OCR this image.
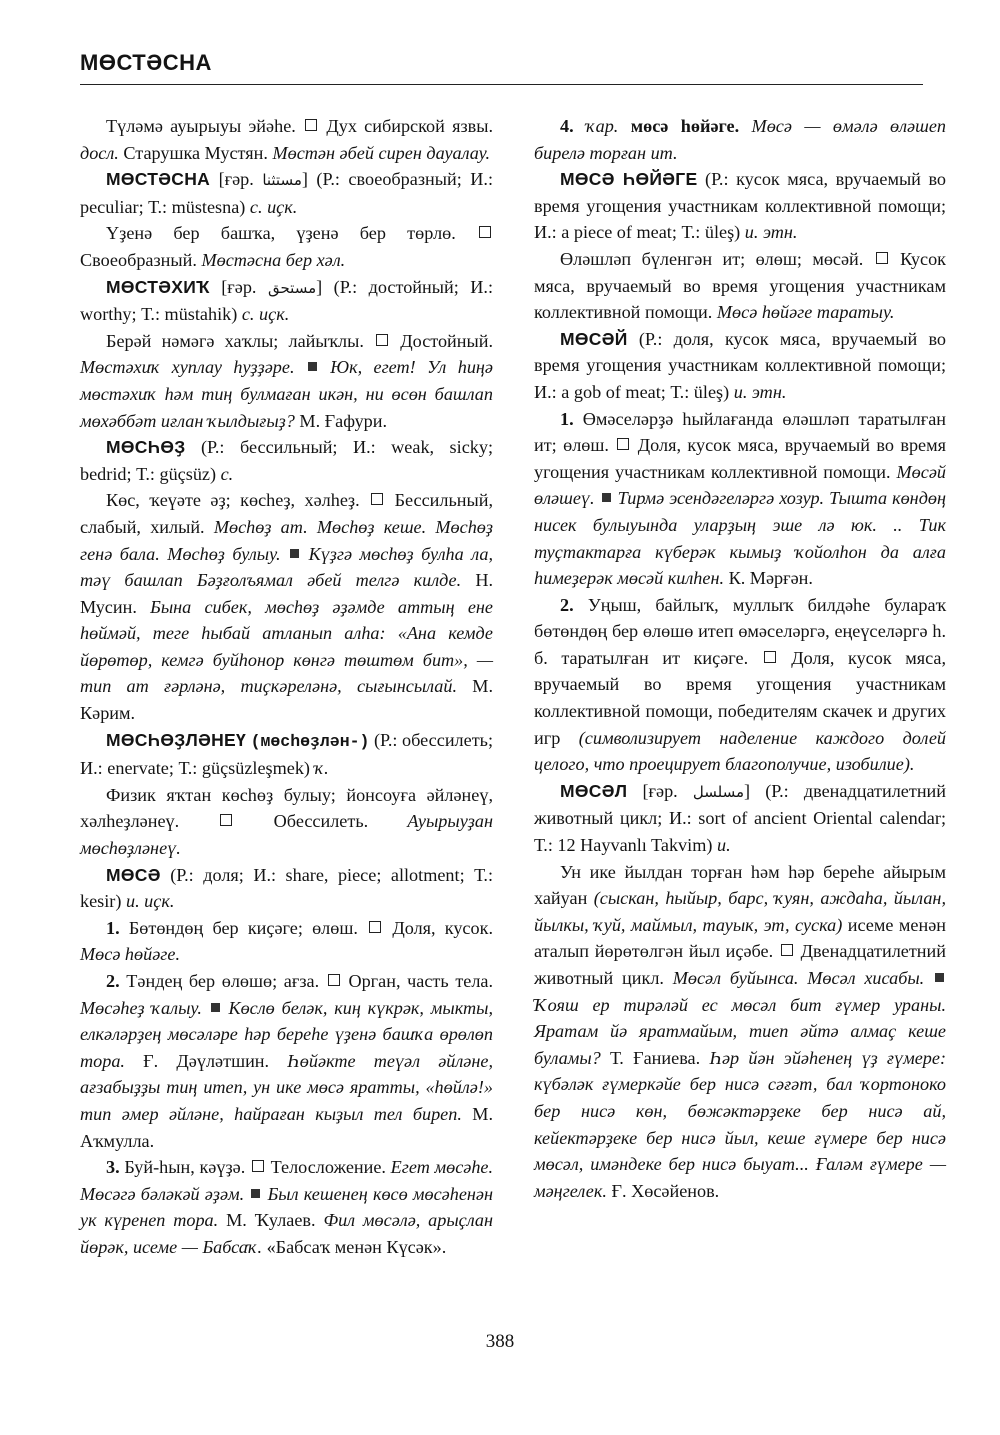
МӨСТӘСНА

Түләмә ауырыуы эйәһе. Дух сибирской язвы. досл. Старушка Мустян. Мөстән әбей сирен дауалау.

МӨСТӘСНА [ғәр. مستثنا] (Р.: своеобразный; И.: peculiar; Т.: müstesna) с. иҫк.

Үҙенә бер башҡа, үҙенә бер төрлө.  Своеобразный. Мөстәсна бер хәл.

МӨСТӘХИҠ [ғәр. مستحق] (Р.: достойный; И.: worthy; Т.: müstahik) с. иҫк.

Берәй нәмәгә хаҡлы; лайыҡлы. Достойный. Мөстәхиҡ хуплау һуҙҙәре. Юк, егет! Ул һиңә мөстәхиҡ һәм тиң булмаған икән, ни өсөн башлап мөхәббәт иғлан ҡылдығыҙ? М. Ғафури.

МӨСҺӨҘ (Р.: бессильный; И.: weak, sicky; bedrid; Т.: güçsüz) с.

Көс, ҡеүәте әҙ; көсһеҙ, хәлһеҙ. Бессильный, слабый, хилый. Мөсһөҙ ат. Мөсһөҙ кеше. Мөсһөҙ генә бала. Мөсһөҙ булыу. Күҙгә мөсһөҙ булһа ла, тәү башлап Бәҙғолъямал әбей телгә килде. Н. Мусин. Бына сибек, мөсһөҙ әҙәмде аттың ене һөймәй, теге һыбай атланып алһа: «Ана кемде йөрөтөр, кемгә буйһонор көнгә төштөм бит», — тип ат ғәрләнә, тиҫкәреләнә, сығынсылай. М. Кәрим.

МӨСҺӨҘЛӘНЕҮ (мөсһөҙлән-) (Р.: обессилеть; И.: enervate; Т.: güçsüzleşmek) ҡ.

Физик яҡтан көсһөҙ булыу; йонсоуға әйләнеү, хәлһеҙләнеү.	Обессилеть. Ауырыуҙан мөсһөҙләнеү.

МӨСӘ (Р.: доля; И.: share, piece; allotment; Т.: kesir) и. иҫк.

1. Бөтөндөң бер киҫәге; өлөш. Доля, кусок. Мөсә һөйәге.

2. Тәндең бер өлөшө; ағза. Орган, часть тела. Мөсәһеҙ ҡалыу. Көслө беләк, киң күкрәк, мыкты, елкәләрҙең мөсәләре һәр береһе үҙенә башҡа өрөлөп тора. Ғ. Дәүләтшин. Һөйәкте теүәл әйләне, ағзабыҙҙы тиң итеп, ун ике мөсә яратты, «һөйлә!» тип әмер әйләне, һайраған кыҙыл тел биреп. М. Аҡмулла.

3. Буй-һын, кәүҙә. Телосложение. Егет мөсәһе. Мөсәгә бәләкәй әҙәм. Был кешенең көсө мөсәһенән ук күренеп тора. М. Ҡулаев. Фил мөсәлә, арыҫлан йөрәк, исеме — Бабсаҡ. «Бабсаҡ менән Күсәк».

4. ҡар. мөсә һөйәге. Мөсә — өмәлә өләшеп бирелә торған ит.

МӨСӘ ҺӨЙӘГЕ (Р.: кусок мяса, вручаемый во время угощения участникам коллективной помощи; И.: a piece of meat; Т.: üleş) и. этн.

Өләшләп бүленгән ит; өлөш; мөсәй. Кусок мяса, вручаемый во время угощения участникам коллективной помощи. Мөсә һөйәге таратыу.

МӨСӘЙ (Р.: доля, кусок мяса, вручаемый во время угощения участникам коллективной помощи; И.: a gob of meat; Т.: üleş) и. этн.

1. Өмәселәрҙә һыйлағанда өләшләп таратылған ит; өлөш. Доля, кусок мяса, вручаемый во время угощения участникам коллективной помощи. Мөсәй өләшеү. Тирмә эсендәгеләргә хозур. Тышта көндөң нисек булыуында уларҙың эше лә юк. .. Тик туҫтактарға күберәк кымыҙ ҡойолһон да алға һимеҙерәк мөсәй килһен. К. Мәрғән.

2. Уңыш, байлыҡ, муллыҡ билдәһе булараҡ бөтөндөң бер өлөшө итеп өмәселәргә, еңеүселәргә һ. б. таратылған ит киҫәге. Доля, кусок мяса, вручаемый во время угощения участникам коллективной помощи, победителям скачек и других игр (символизирует наделение каждого долей целого, что проецирует благополучие, изобилие).

МӨСӘЛ [ғәр. مسلسل] (Р.: двенадцатилетний животный цикл; И.: sort of ancient Oriental calendar; Т.: 12 Hayvanlı Takvim) и.

Ун ике йылдан торған һәм һәр береһе айырым хайуан (сыскан, һыйыр, барс, ҡуян, аждаһа, йылан, йылкы, ҡуй, маймыл, тауык, эт, суска) исеме менән аталып йөрөтөлгән йыл иҫәбе. Двенадцатилетний животный цикл. Мөсәл буйынса. Мөсәл хисабы.  Ҡояш ер тирәләй ес мөсәл бит ғүмер ураны. Яратам йә яратмайым, тиеп әйтә алмаҫ кеше буламы? Т. Ғаниева. Һәр йән эйәһенең үҙ ғүмере: күбәләк ғүмеркәйе бер нисә сәғәт, бал ҡортоноко бер нисә көн, бөжәктәрҙеке бер нисә ай, кейектәрҙеке бер нисә йыл, кеше ғүмере бер нисә мөсәл, имәндеке бер нисә быуат... Ғаләм ғүмере — мәңгелек. Ғ. Хөсәйенов.

388
